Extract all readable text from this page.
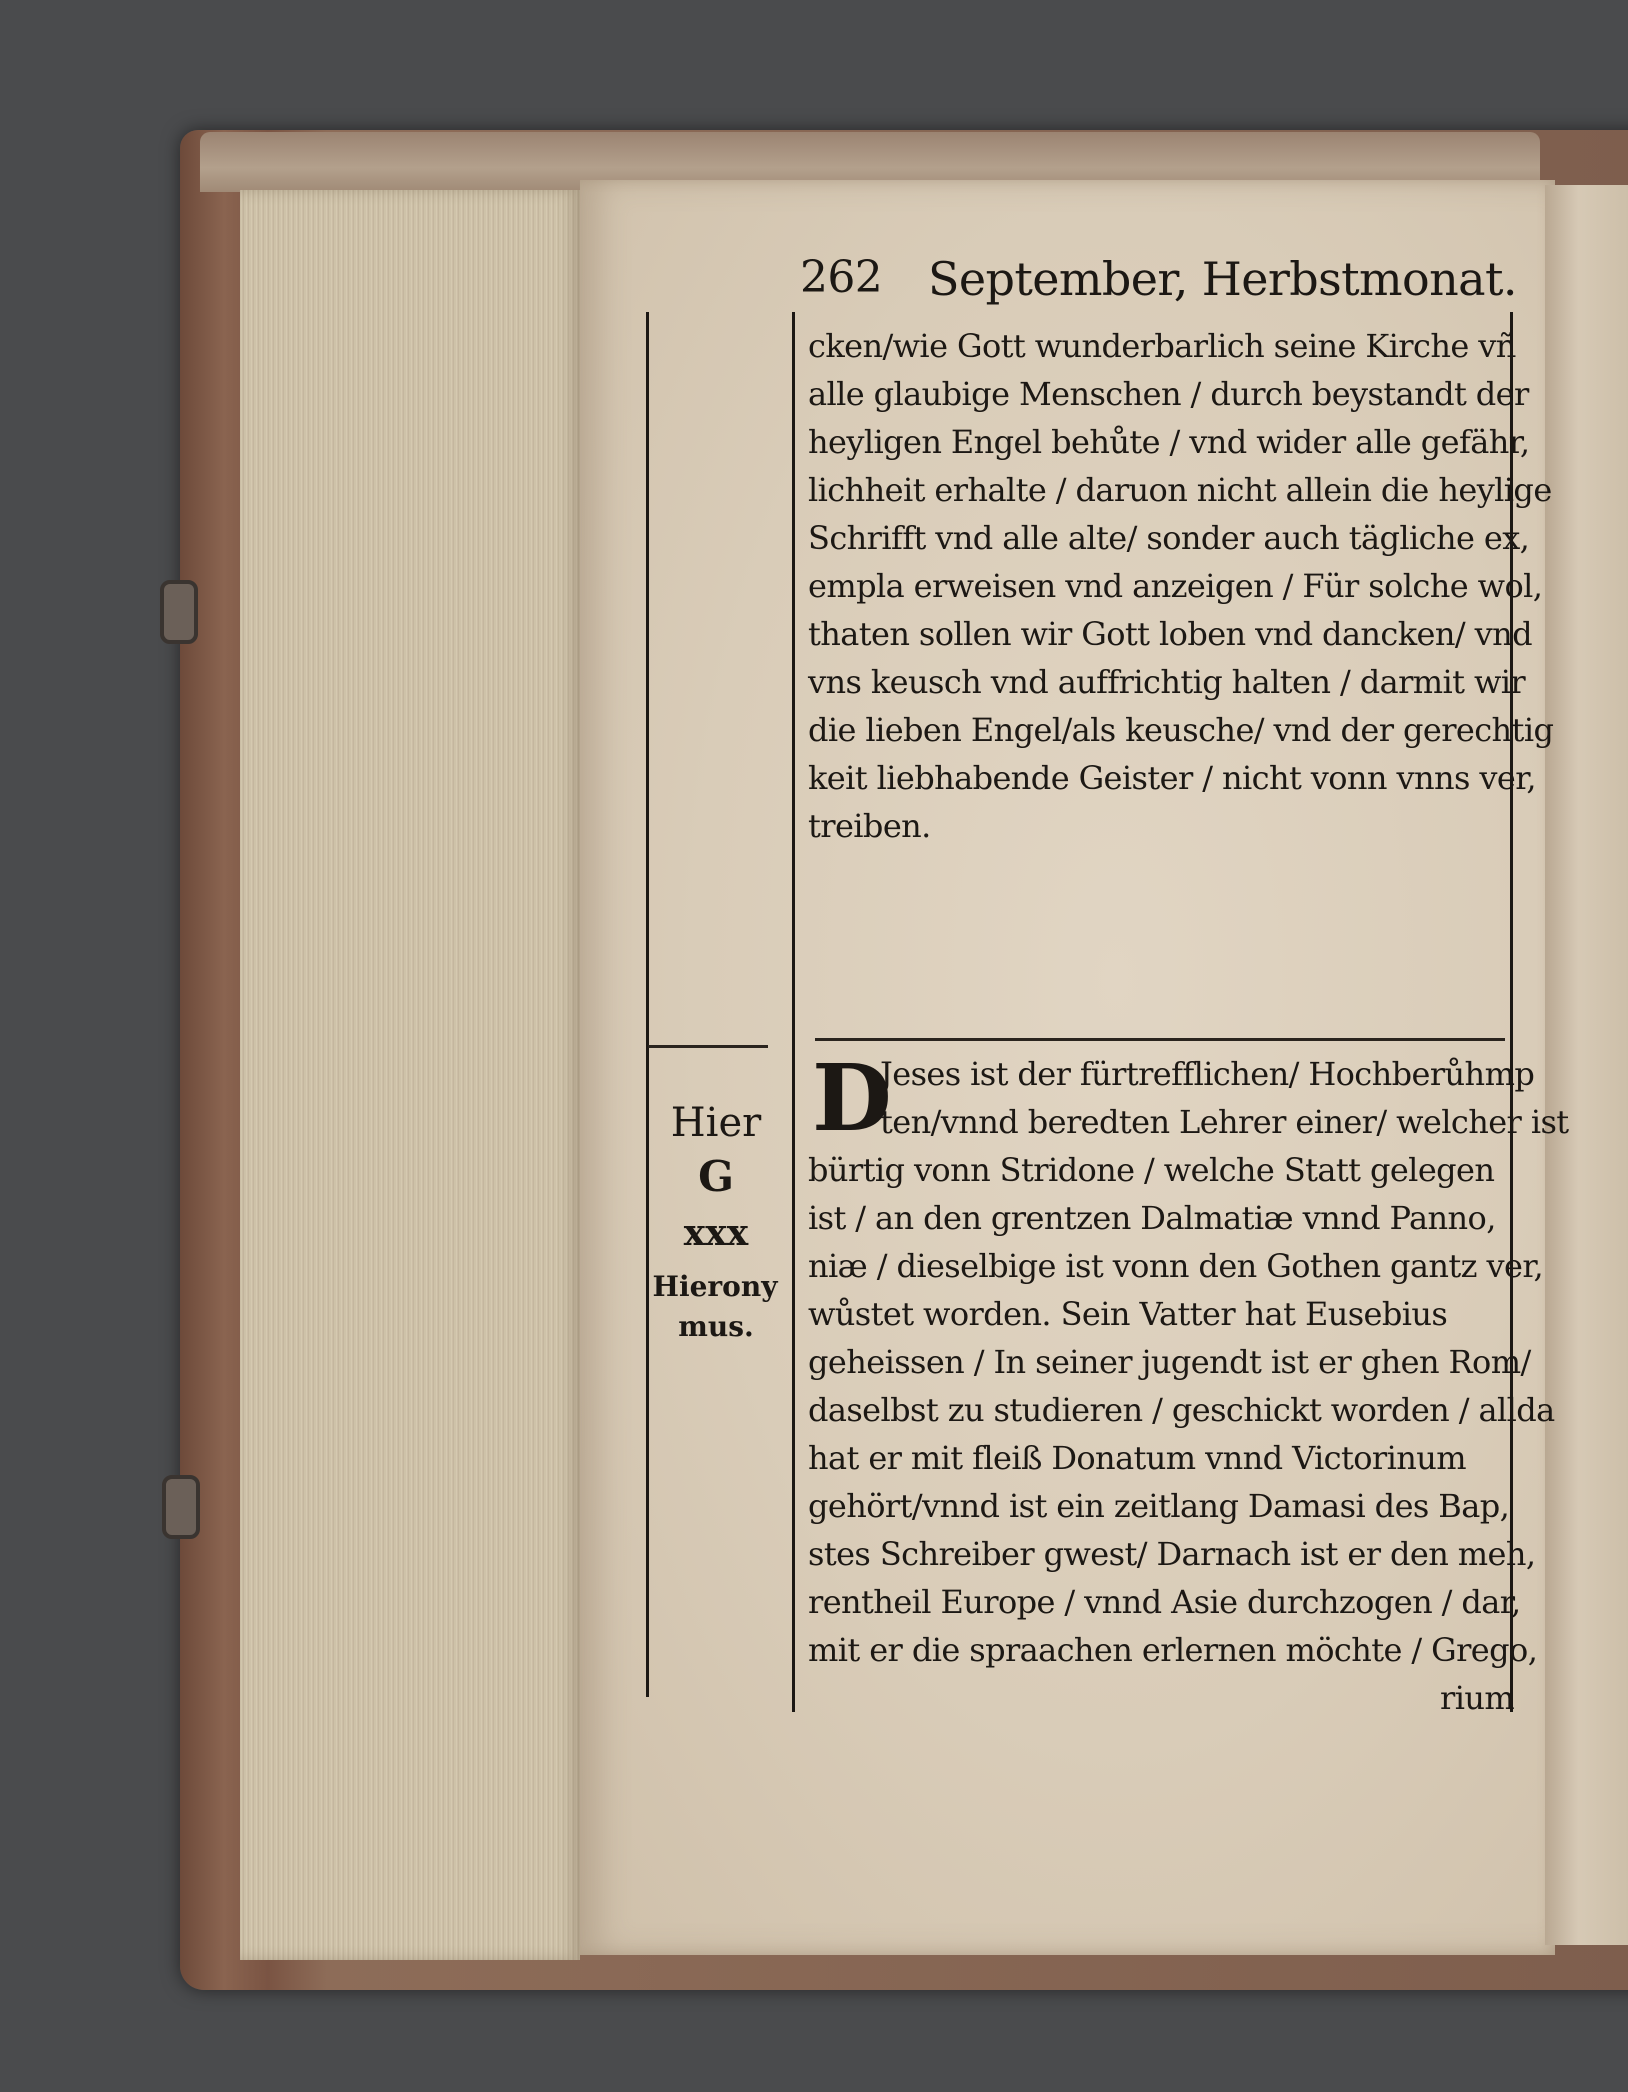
262 September, Herbstmonat.

cken/wie Gott wunderbarlich seine Kirche vñ

alle glaubige Menschen / durch beystandt der

heyligen Engel behůte / vnd wider alle gefähr,

lichheit erhalte / daruon nicht allein die heylige

Schrifft vnd alle alte/ sonder auch tägliche ex,

empla erweisen vnd anzeigen / Für solche wol,

thaten sollen wir Gott loben vnd dancken/ vnd

vns keusch vnd auffrichtig halten / darmit wir

die lieben Engel/als keusche/ vnd der gerechtig

keit liebhabende Geister / nicht vonn vnns ver,

treiben.

D

Jeses ist der fürtrefflichen/ Hochberůhmp

ten/vnnd beredten Lehrer einer/ welcher ist

bürtig vonn Stridone / welche Statt gelegen

ist / an den grentzen Dalmatiæ vnnd Panno,

niæ / dieselbige ist vonn den Gothen gantz ver,

wůstet worden. Sein Vatter hat Eusebius

geheissen / In seiner jugendt ist er ghen Rom/

daselbst zu studieren / geschickt worden / allda

hat er mit fleiß Donatum vnnd Victorinum

gehört/vnnd ist ein zeitlang Damasi des Bap,

stes Schreiber gwest/ Darnach ist er den meh,

rentheil Europe / vnnd Asie durchzogen / dar,

mit er die spraachen erlernen möchte / Grego,

rium

Hier
G
xxx
Hierony
mus.
